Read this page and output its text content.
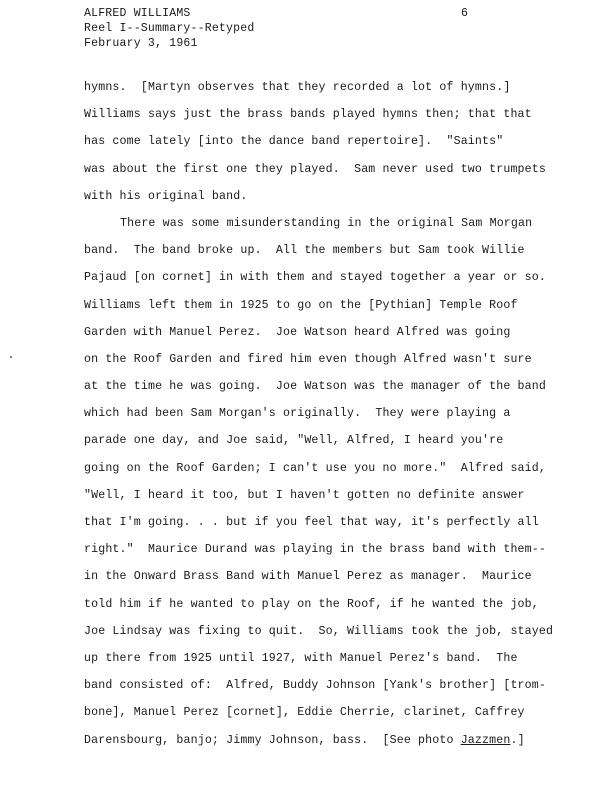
ALFRED WILLIAMS
Reel I--Summary--Retyped
February 3, 1961
6
hymns.  [Martyn observes that they recorded a lot of hymns.]
Williams says just the brass bands played hymns then; that that
has come lately [into the dance band repertoire].  "Saints"
was about the first one they played.  Sam never used two trumpets
with his original band.
There was some misunderstanding in the original Sam Morgan
band.  The band broke up.  All the members but Sam took Willie
Pajaud [on cornet] in with them and stayed together a year or so.
Williams left them in 1925 to go on the [Pythian] Temple Roof
Garden with Manuel Perez.  Joe Watson heard Alfred was going
on the Roof Garden and fired him even though Alfred wasn't sure
at the time he was going.  Joe Watson was the manager of the band
which had been Sam Morgan's originally.  They were playing a
parade one day, and Joe said, "Well, Alfred, I heard you're
going on the Roof Garden; I can't use you no more."  Alfred said,
"Well, I heard it too, but I haven't gotten no definite answer
that I'm going. . . but if you feel that way, it's perfectly all
right."  Maurice Durand was playing in the brass band with them--
in the Onward Brass Band with Manuel Perez as manager.  Maurice
told him if he wanted to play on the Roof, if he wanted the job,
Joe Lindsay was fixing to quit.  So, Williams took the job, stayed
up there from 1925 until 1927, with Manuel Perez's band.  The
band consisted of:  Alfred, Buddy Johnson [Yank's brother] [trom-
bone], Manuel Perez [cornet], Eddie Cherrie, clarinet, Caffrey
Darensbourg, banjo; Jimmy Johnson, bass.  [See photo Jazzmen.]
